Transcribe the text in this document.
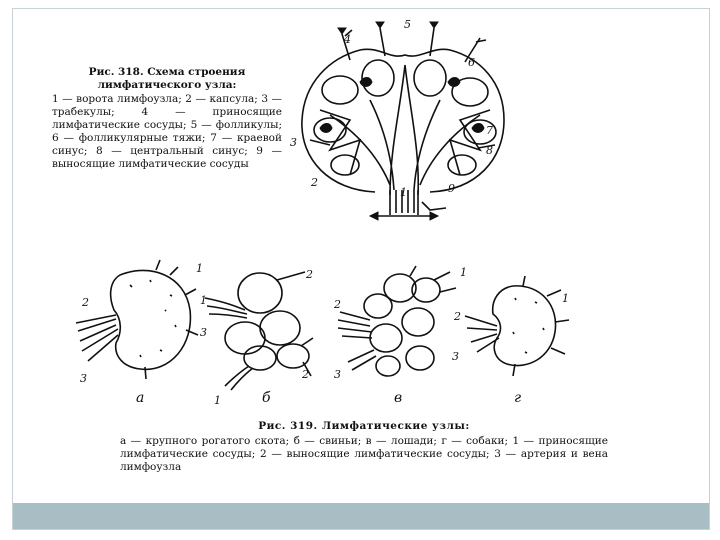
Рис. 318. Схема строения лимфатического узла:
1 — ворота лимфоузла; 2 — капсула; 3 — трабекулы; 4 — приносящие лимфатические сосуды; 5 — фолликулы; 6 — фолликулярные тяжи; 7 — краевой синус; 8 — центральный синус; 9 — выносящие лимфатические сосуды
1
2
3
4
5
6
7
8
9
1
2
3
а
2
1
3
2
1	б
1
2
3
в
1
2
3
г
Рис. 319. Лимфатические узлы:
а — крупного рогатого скота; б — свиньи; в — лошади; г — собаки; 1 — приносящие лимфатические сосуды; 2 — выносящие лимфатические сосуды; 3 — артерия и вена лимфоузла
